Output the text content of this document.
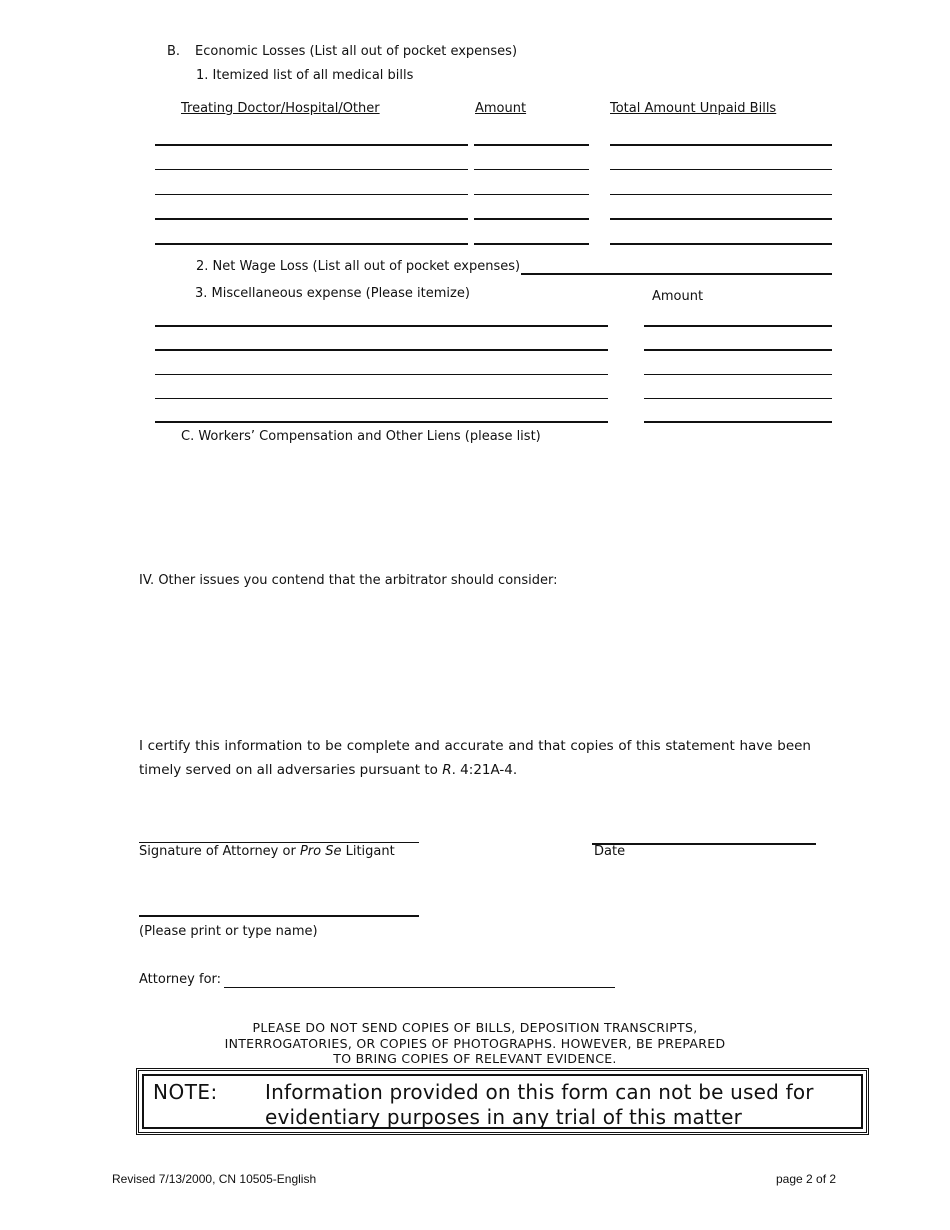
B. Economic Losses (List all out of pocket expenses)
1. Itemized list of all medical bills
Treating Doctor/Hospital/Other	Amount	Total Amount Unpaid Bills
2. Net Wage Loss (List all out of pocket expenses)
3. Miscellaneous expense (Please itemize)	Amount
C. Workers’ Compensation and Other Liens (please list)
IV. Other issues you contend that the arbitrator should consider:
I certify this information to be complete and accurate and that copies of this statement have been timely served on all adversaries pursuant to R. 4:21A-4.
Signature of Attorney or Pro Se Litigant	Date
(Please print or type name)
Attorney for:
PLEASE DO NOT SEND COPIES OF BILLS, DEPOSITION TRANSCRIPTS,
INTERROGATORIES, OR COPIES OF PHOTOGRAPHS. HOWEVER, BE PREPARED
TO BRING COPIES OF RELEVANT EVIDENCE.
NOTE: Information provided on this form can not be used for
evidentiary purposes in any trial of this matter
Revised 7/13/2000, CN 10505-English	page 2 of 2
